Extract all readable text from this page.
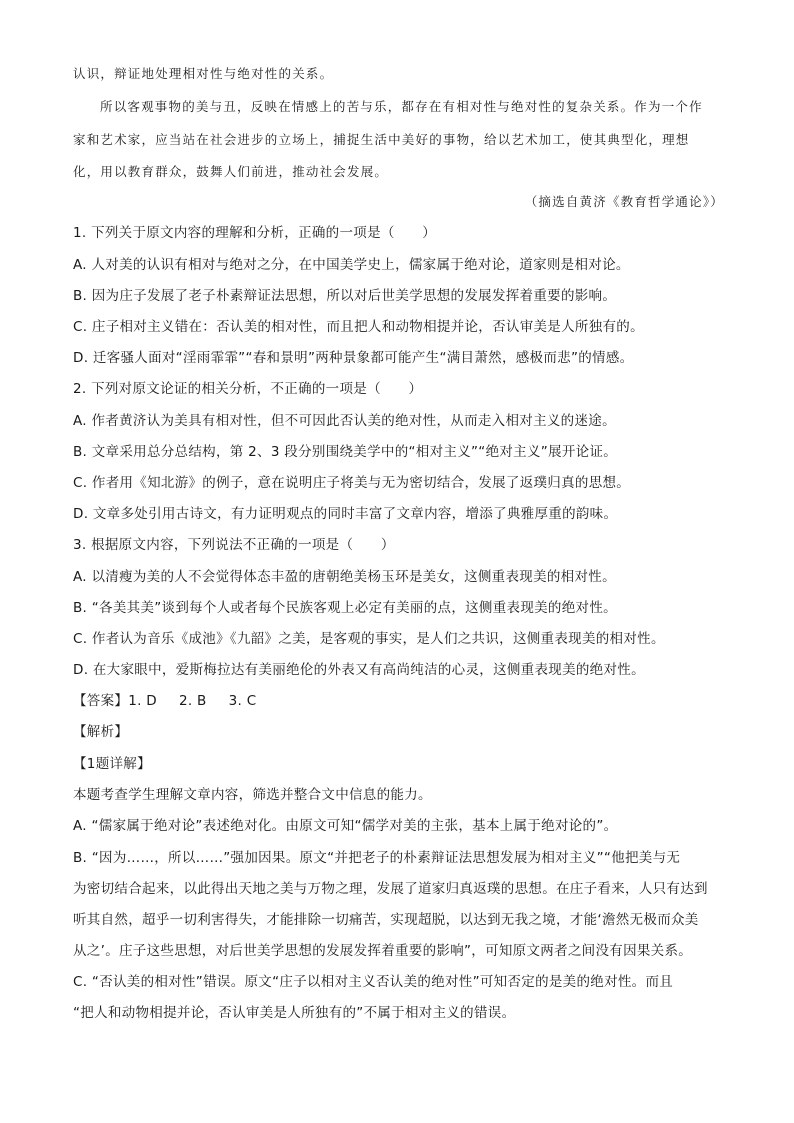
认识，辩证地处理相对性与绝对性的关系。
所以客观事物的美与丑，反映在情感上的苦与乐，都存在有相对性与绝对性的复杂关系。作为一个作
家和艺术家，应当站在社会进步的立场上，捕捉生活中美好的事物，给以艺术加工，使其典型化，理想
化，用以教育群众，鼓舞人们前进，推动社会发展。
（摘选自黄济《教育哲学通论》）
1. 下列关于原文内容的理解和分析，正确的一项是（　　）
A. 人对美的认识有相对与绝对之分，在中国美学史上，儒家属于绝对论，道家则是相对论。
B. 因为庄子发展了老子朴素辩证法思想，所以对后世美学思想的发展发挥着重要的影响。
C. 庄子相对主义错在：否认美的相对性，而且把人和动物相提并论，否认审美是人所独有的。
D. 迁客骚人面对“淫雨霏霏”“春和景明”两种景象都可能产生“满目萧然，感极而悲”的情感。
2. 下列对原文论证的相关分析，不正确的一项是（　　）
A. 作者黄济认为美具有相对性，但不可因此否认美的绝对性，从而走入相对主义的迷途。
B. 文章采用总分总结构，第 2、3 段分别围绕美学中的“相对主义”“绝对主义”展开论证。
C. 作者用《知北游》的例子，意在说明庄子将美与无为密切结合，发展了返璞归真的思想。
D. 文章多处引用古诗文，有力证明观点的同时丰富了文章内容，增添了典雅厚重的韵味。
3. 根据原文内容，下列说法不正确的一项是（　　）
A. 以清瘦为美的人不会觉得体态丰盈的唐朝绝美杨玉环是美女，这侧重表现美的相对性。
B. “各美其美”谈到每个人或者每个民族客观上必定有美丽的点，这侧重表现美的绝对性。
C. 作者认为音乐《成池》《九韶》之美，是客观的事实，是人们之共识，这侧重表现美的相对性。
D. 在大家眼中，爱斯梅拉达有美丽绝伦的外表又有高尚纯洁的心灵，这侧重表现美的绝对性。
【答案】1. D 2. B 3. C
【解析】
【1题详解】
本题考查学生理解文章内容，筛选并整合文中信息的能力。
A. “儒家属于绝对论”表述绝对化。由原文可知“儒学对美的主张，基本上属于绝对论的”。
B. “因为……，所以……”强加因果。原文“并把老子的朴素辩证法思想发展为相对主义”“他把美与无
为密切结合起来，以此得出天地之美与万物之理，发展了道家归真返璞的思想。在庄子看来，人只有达到
听其自然，超乎一切利害得失，才能排除一切痛苦，实现超脱，以达到无我之境，才能‘澹然无极而众美
从之’。庄子这些思想，对后世美学思想的发展发挥着重要的影响”，可知原文两者之间没有因果关系。
C. “否认美的相对性”错误。原文“庄子以相对主义否认美的绝对性”可知否定的是美的绝对性。而且
“把人和动物相提并论，否认审美是人所独有的”不属于相对主义的错误。
